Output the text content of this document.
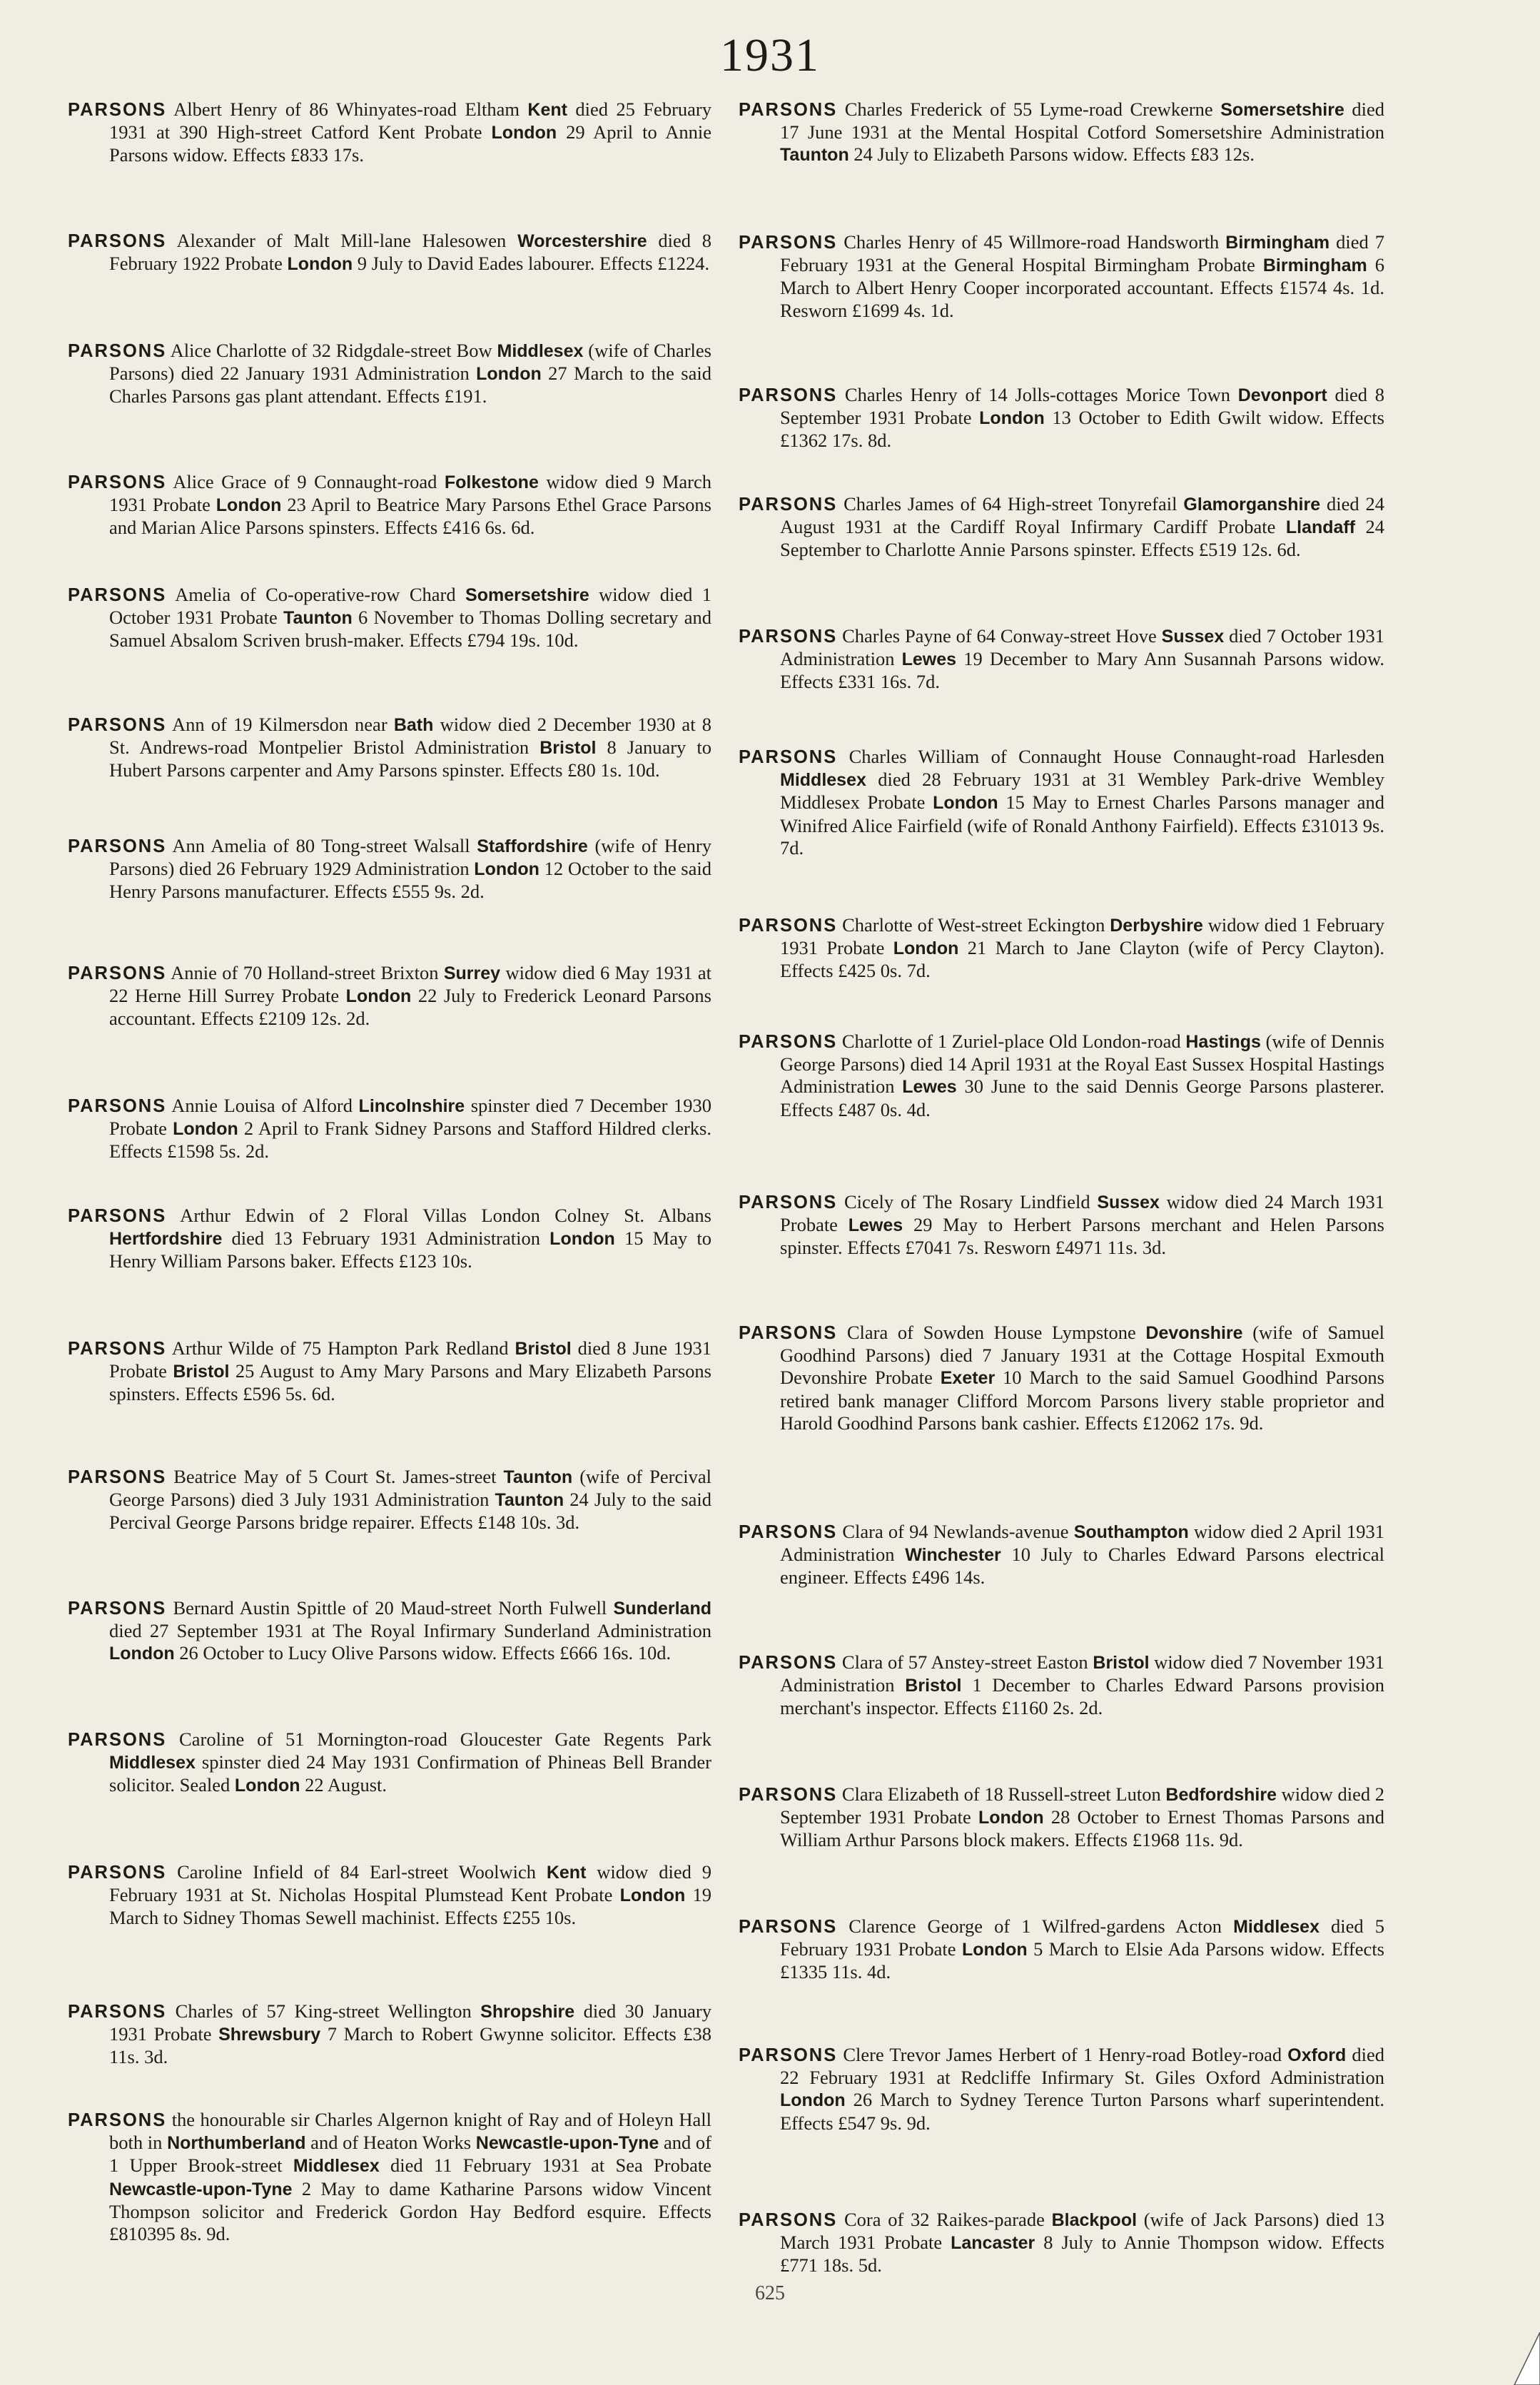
1931

PARSONS Albert Henry of 86 Whinyates-road Eltham Kent died 25 February 1931 at 390 High-street Catford Kent Probate London 29 April to Annie Parsons widow. Effects £833 17s.

PARSONS Alexander of Malt Mill-lane Halesowen Worcestershire died 8 February 1922 Probate London 9 July to David Eades labourer. Effects £1224.

PARSONS Alice Charlotte of 32 Ridgdale-street Bow Middlesex (wife of Charles Parsons) died 22 January 1931 Administration London 27 March to the said Charles Parsons gas plant attendant. Effects £191.

PARSONS Alice Grace of 9 Connaught-road Folkestone widow died 9 March 1931 Probate London 23 April to Beatrice Mary Parsons Ethel Grace Parsons and Marian Alice Parsons spinsters. Effects £416 6s. 6d.

PARSONS Amelia of Co-operative-row Chard Somersetshire widow died 1 October 1931 Probate Taunton 6 November to Thomas Dolling secretary and Samuel Absalom Scriven brush-maker. Effects £794 19s. 10d.

PARSONS Ann of 19 Kilmersdon near Bath widow died 2 December 1930 at 8 St. Andrews-road Montpelier Bristol Administration Bristol 8 January to Hubert Parsons carpenter and Amy Parsons spinster. Effects £80 1s. 10d.

PARSONS Ann Amelia of 80 Tong-street Walsall Staffordshire (wife of Henry Parsons) died 26 February 1929 Administration London 12 October to the said Henry Parsons manufacturer. Effects £555 9s. 2d.

PARSONS Annie of 70 Holland-street Brixton Surrey widow died 6 May 1931 at 22 Herne Hill Surrey Probate London 22 July to Frederick Leonard Parsons accountant. Effects £2109 12s. 2d.

PARSONS Annie Louisa of Alford Lincolnshire spinster died 7 December 1930 Probate London 2 April to Frank Sidney Parsons and Stafford Hildred clerks. Effects £1598 5s. 2d.

PARSONS Arthur Edwin of 2 Floral Villas London Colney St. Albans Hertfordshire died 13 February 1931 Administration London 15 May to Henry William Parsons baker. Effects £123 10s.

PARSONS Arthur Wilde of 75 Hampton Park Redland Bristol died 8 June 1931 Probate Bristol 25 August to Amy Mary Parsons and Mary Elizabeth Parsons spinsters. Effects £596 5s. 6d.

PARSONS Beatrice May of 5 Court St. James-street Taunton (wife of Percival George Parsons) died 3 July 1931 Administration Taunton 24 July to the said Percival George Parsons bridge repairer. Effects £148 10s. 3d.

PARSONS Bernard Austin Spittle of 20 Maud-street North Fulwell Sunderland died 27 September 1931 at The Royal Infirmary Sunderland Administration London 26 October to Lucy Olive Parsons widow. Effects £666 16s. 10d.

PARSONS Caroline of 51 Mornington-road Gloucester Gate Regents Park Middlesex spinster died 24 May 1931 Confirmation of Phineas Bell Brander solicitor. Sealed London 22 August.

PARSONS Caroline Infield of 84 Earl-street Woolwich Kent widow died 9 February 1931 at St. Nicholas Hospital Plumstead Kent Probate London 19 March to Sidney Thomas Sewell machinist. Effects £255 10s.

PARSONS Charles of 57 King-street Wellington Shropshire died 30 January 1931 Probate Shrewsbury 7 March to Robert Gwynne solicitor. Effects £38 11s. 3d.

PARSONS the honourable sir Charles Algernon knight of Ray and of Holeyn Hall both in Northumberland and of Heaton Works Newcastle-upon-Tyne and of 1 Upper Brook-street Middlesex died 11 February 1931 at Sea Probate Newcastle-upon-Tyne 2 May to dame Katharine Parsons widow Vincent Thompson solicitor and Frederick Gordon Hay Bedford esquire. Effects £810395 8s. 9d.

PARSONS Charles Frederick of 55 Lyme-road Crewkerne Somersetshire died 17 June 1931 at the Mental Hospital Cotford Somersetshire Administration Taunton 24 July to Elizabeth Parsons widow. Effects £83 12s.

PARSONS Charles Henry of 45 Willmore-road Handsworth Birmingham died 7 February 1931 at the General Hospital Birmingham Probate Birmingham 6 March to Albert Henry Cooper incorporated accountant. Effects £1574 4s. 1d. Resworn £1699 4s. 1d.

PARSONS Charles Henry of 14 Jolls-cottages Morice Town Devonport died 8 September 1931 Probate London 13 October to Edith Gwilt widow. Effects £1362 17s. 8d.

PARSONS Charles James of 64 High-street Tonyrefail Glamorganshire died 24 August 1931 at the Cardiff Royal Infirmary Cardiff Probate Llandaff 24 September to Charlotte Annie Parsons spinster. Effects £519 12s. 6d.

PARSONS Charles Payne of 64 Conway-street Hove Sussex died 7 October 1931 Administration Lewes 19 December to Mary Ann Susannah Parsons widow. Effects £331 16s. 7d.

PARSONS Charles William of Connaught House Connaught-road Harlesden Middlesex died 28 February 1931 at 31 Wembley Park-drive Wembley Middlesex Probate London 15 May to Ernest Charles Parsons manager and Winifred Alice Fairfield (wife of Ronald Anthony Fairfield). Effects £31013 9s. 7d.

PARSONS Charlotte of West-street Eckington Derbyshire widow died 1 February 1931 Probate London 21 March to Jane Clayton (wife of Percy Clayton). Effects £425 0s. 7d.

PARSONS Charlotte of 1 Zuriel-place Old London-road Hastings (wife of Dennis George Parsons) died 14 April 1931 at the Royal East Sussex Hospital Hastings Administration Lewes 30 June to the said Dennis George Parsons plasterer. Effects £487 0s. 4d.

PARSONS Cicely of The Rosary Lindfield Sussex widow died 24 March 1931 Probate Lewes 29 May to Herbert Parsons merchant and Helen Parsons spinster. Effects £7041 7s. Resworn £4971 11s. 3d.

PARSONS Clara of Sowden House Lympstone Devonshire (wife of Samuel Goodhind Parsons) died 7 January 1931 at the Cottage Hospital Exmouth Devonshire Probate Exeter 10 March to the said Samuel Goodhind Parsons retired bank manager Clifford Morcom Parsons livery stable proprietor and Harold Goodhind Parsons bank cashier. Effects £12062 17s. 9d.

PARSONS Clara of 94 Newlands-avenue Southampton widow died 2 April 1931 Administration Winchester 10 July to Charles Edward Parsons electrical engineer. Effects £496 14s.

PARSONS Clara of 57 Anstey-street Easton Bristol widow died 7 November 1931 Administration Bristol 1 December to Charles Edward Parsons provision merchant's inspector. Effects £1160 2s. 2d.

PARSONS Clara Elizabeth of 18 Russell-street Luton Bedfordshire widow died 2 September 1931 Probate London 28 October to Ernest Thomas Parsons and William Arthur Parsons block makers. Effects £1968 11s. 9d.

PARSONS Clarence George of 1 Wilfred-gardens Acton Middlesex died 5 February 1931 Probate London 5 March to Elsie Ada Parsons widow. Effects £1335 11s. 4d.

PARSONS Clere Trevor James Herbert of 1 Henry-road Botley-road Oxford died 22 February 1931 at Redcliffe Infirmary St. Giles Oxford Administration London 26 March to Sydney Terence Turton Parsons wharf superintendent. Effects £547 9s. 9d.

PARSONS Cora of 32 Raikes-parade Blackpool (wife of Jack Parsons) died 13 March 1931 Probate Lancaster 8 July to Annie Thompson widow. Effects £771 18s. 5d.

625
